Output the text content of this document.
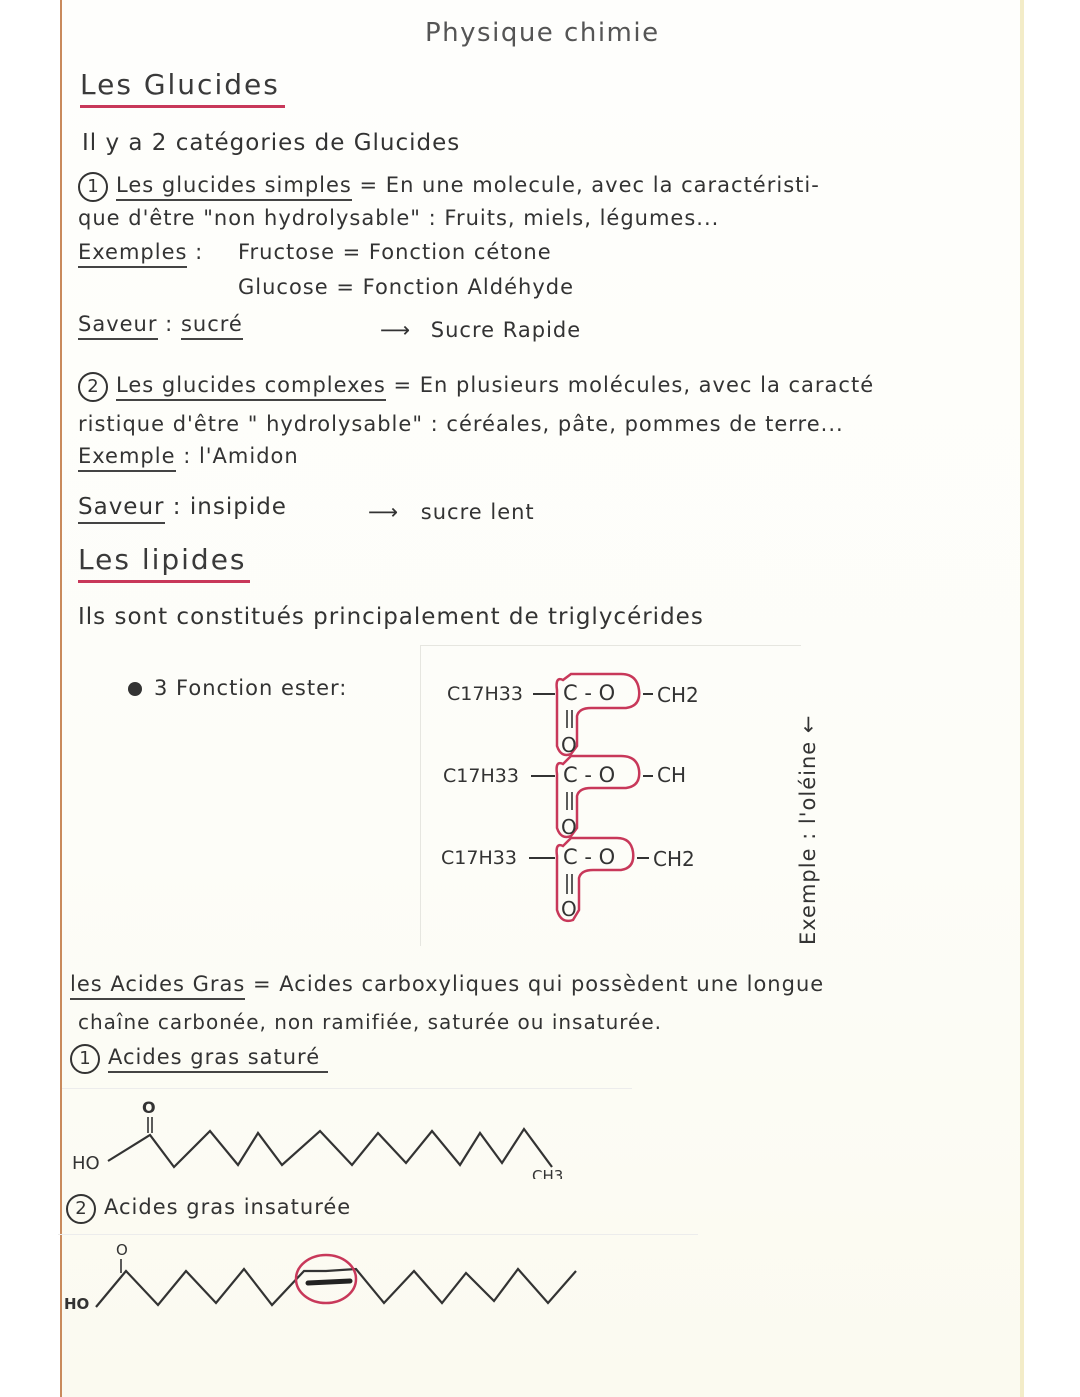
Physique chimie
Les Glucides
Il y a 2 catégories de Glucides
1 Les glucides simples = En une molecule, avec la caractéristi-
que d'être "non hydrolysable" : Fruits, miels, légumes...
Exemples : Fructose = Fonction cétone
Glucose = Fonction Aldéhyde
Saveur : sucré	⟶ Sucre Rapide
2 Les glucides complexes = En plusieurs molécules, avec la caracté
ristique d'être " hydrolysable" : céréales, pâte, pommes de terre...
Exemple : l'Amidon
Saveur : insipide	⟶ sucre lent
Les lipides
Ils sont constitués principalement de triglycérides
3 Fonction ester:	C17H33 C - O CH2
O
C17H33 C - O CH
O
C17H33 C - O CH2
O	Exemple : l'oléine ←
les Acides Gras = Acides carboxyliques qui possèdent une longue
chaîne carbonée, non ramifiée, saturée ou insaturée.
1 Acides gras saturé
HO
O
CH3
2 Acides gras insaturée
HO
O
